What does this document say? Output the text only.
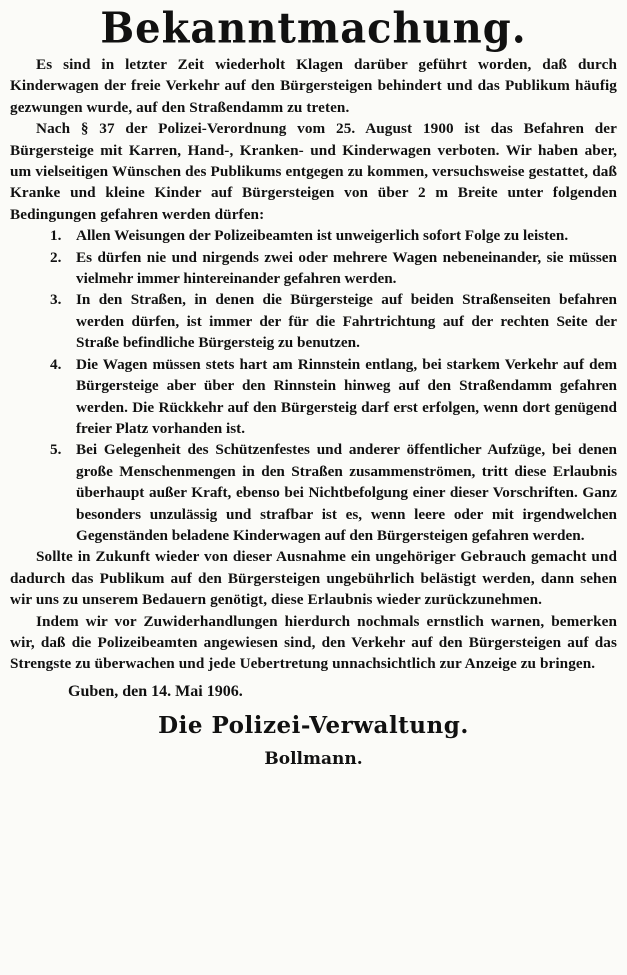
Bekanntmachung.

Es sind in letzter Zeit wiederholt Klagen darüber geführt worden, daß durch Kinderwagen der freie Verkehr auf den Bürgersteigen behindert und das Publikum häufig gezwungen wurde, auf den Straßendamm zu treten.

Nach § 37 der Polizei-Verordnung vom 25. August 1900 ist das Befahren der Bürgersteige mit Karren, Hand-, Kranken- und Kinderwagen verboten. Wir haben aber, um vielseitigen Wünschen des Publikums entgegen zu kommen, versuchsweise gestattet, daß Kranke und kleine Kinder auf Bürgersteigen von über 2 m Breite unter folgenden Bedingungen gefahren werden dürfen:

1. Allen Weisungen der Polizeibeamten ist unweigerlich sofort Folge zu leisten.
2. Es dürfen nie und nirgends zwei oder mehrere Wagen nebeneinander, sie müssen vielmehr immer hintereinander gefahren werden.
3. In den Straßen, in denen die Bürgersteige auf beiden Straßenseiten befahren werden dürfen, ist immer der für die Fahrtrichtung auf der rechten Seite der Straße befindliche Bürgersteig zu benutzen.
4. Die Wagen müssen stets hart am Rinnstein entlang, bei starkem Verkehr auf dem Bürgersteige aber über den Rinnstein hinweg auf den Straßendamm gefahren werden. Die Rückkehr auf den Bürgersteig darf erst erfolgen, wenn dort genügend freier Platz vorhanden ist.
5. Bei Gelegenheit des Schützenfestes und anderer öffentlicher Aufzüge, bei denen große Menschenmengen in den Straßen zusammenströmen, tritt diese Erlaubnis überhaupt außer Kraft, ebenso bei Nichtbefolgung einer dieser Vorschriften. Ganz besonders unzulässig und strafbar ist es, wenn leere oder mit irgendwelchen Gegenständen beladene Kinderwagen auf den Bürgersteigen gefahren werden.

Sollte in Zukunft wieder von dieser Ausnahme ein ungehöriger Gebrauch gemacht und dadurch das Publikum auf den Bürgersteigen ungebührlich belästigt werden, dann sehen wir uns zu unserem Bedauern genötigt, diese Erlaubnis wieder zurückzunehmen.

Indem wir vor Zuwiderhandlungen hierdurch nochmals ernstlich warnen, bemerken wir, daß die Polizeibeamten angewiesen sind, den Verkehr auf den Bürgersteigen auf das Strengste zu überwachen und jede Uebertretung unnachsichtlich zur Anzeige zu bringen.

Guben, den 14. Mai 1906.
Die Polizei-Verwaltung.
Bollmann.
